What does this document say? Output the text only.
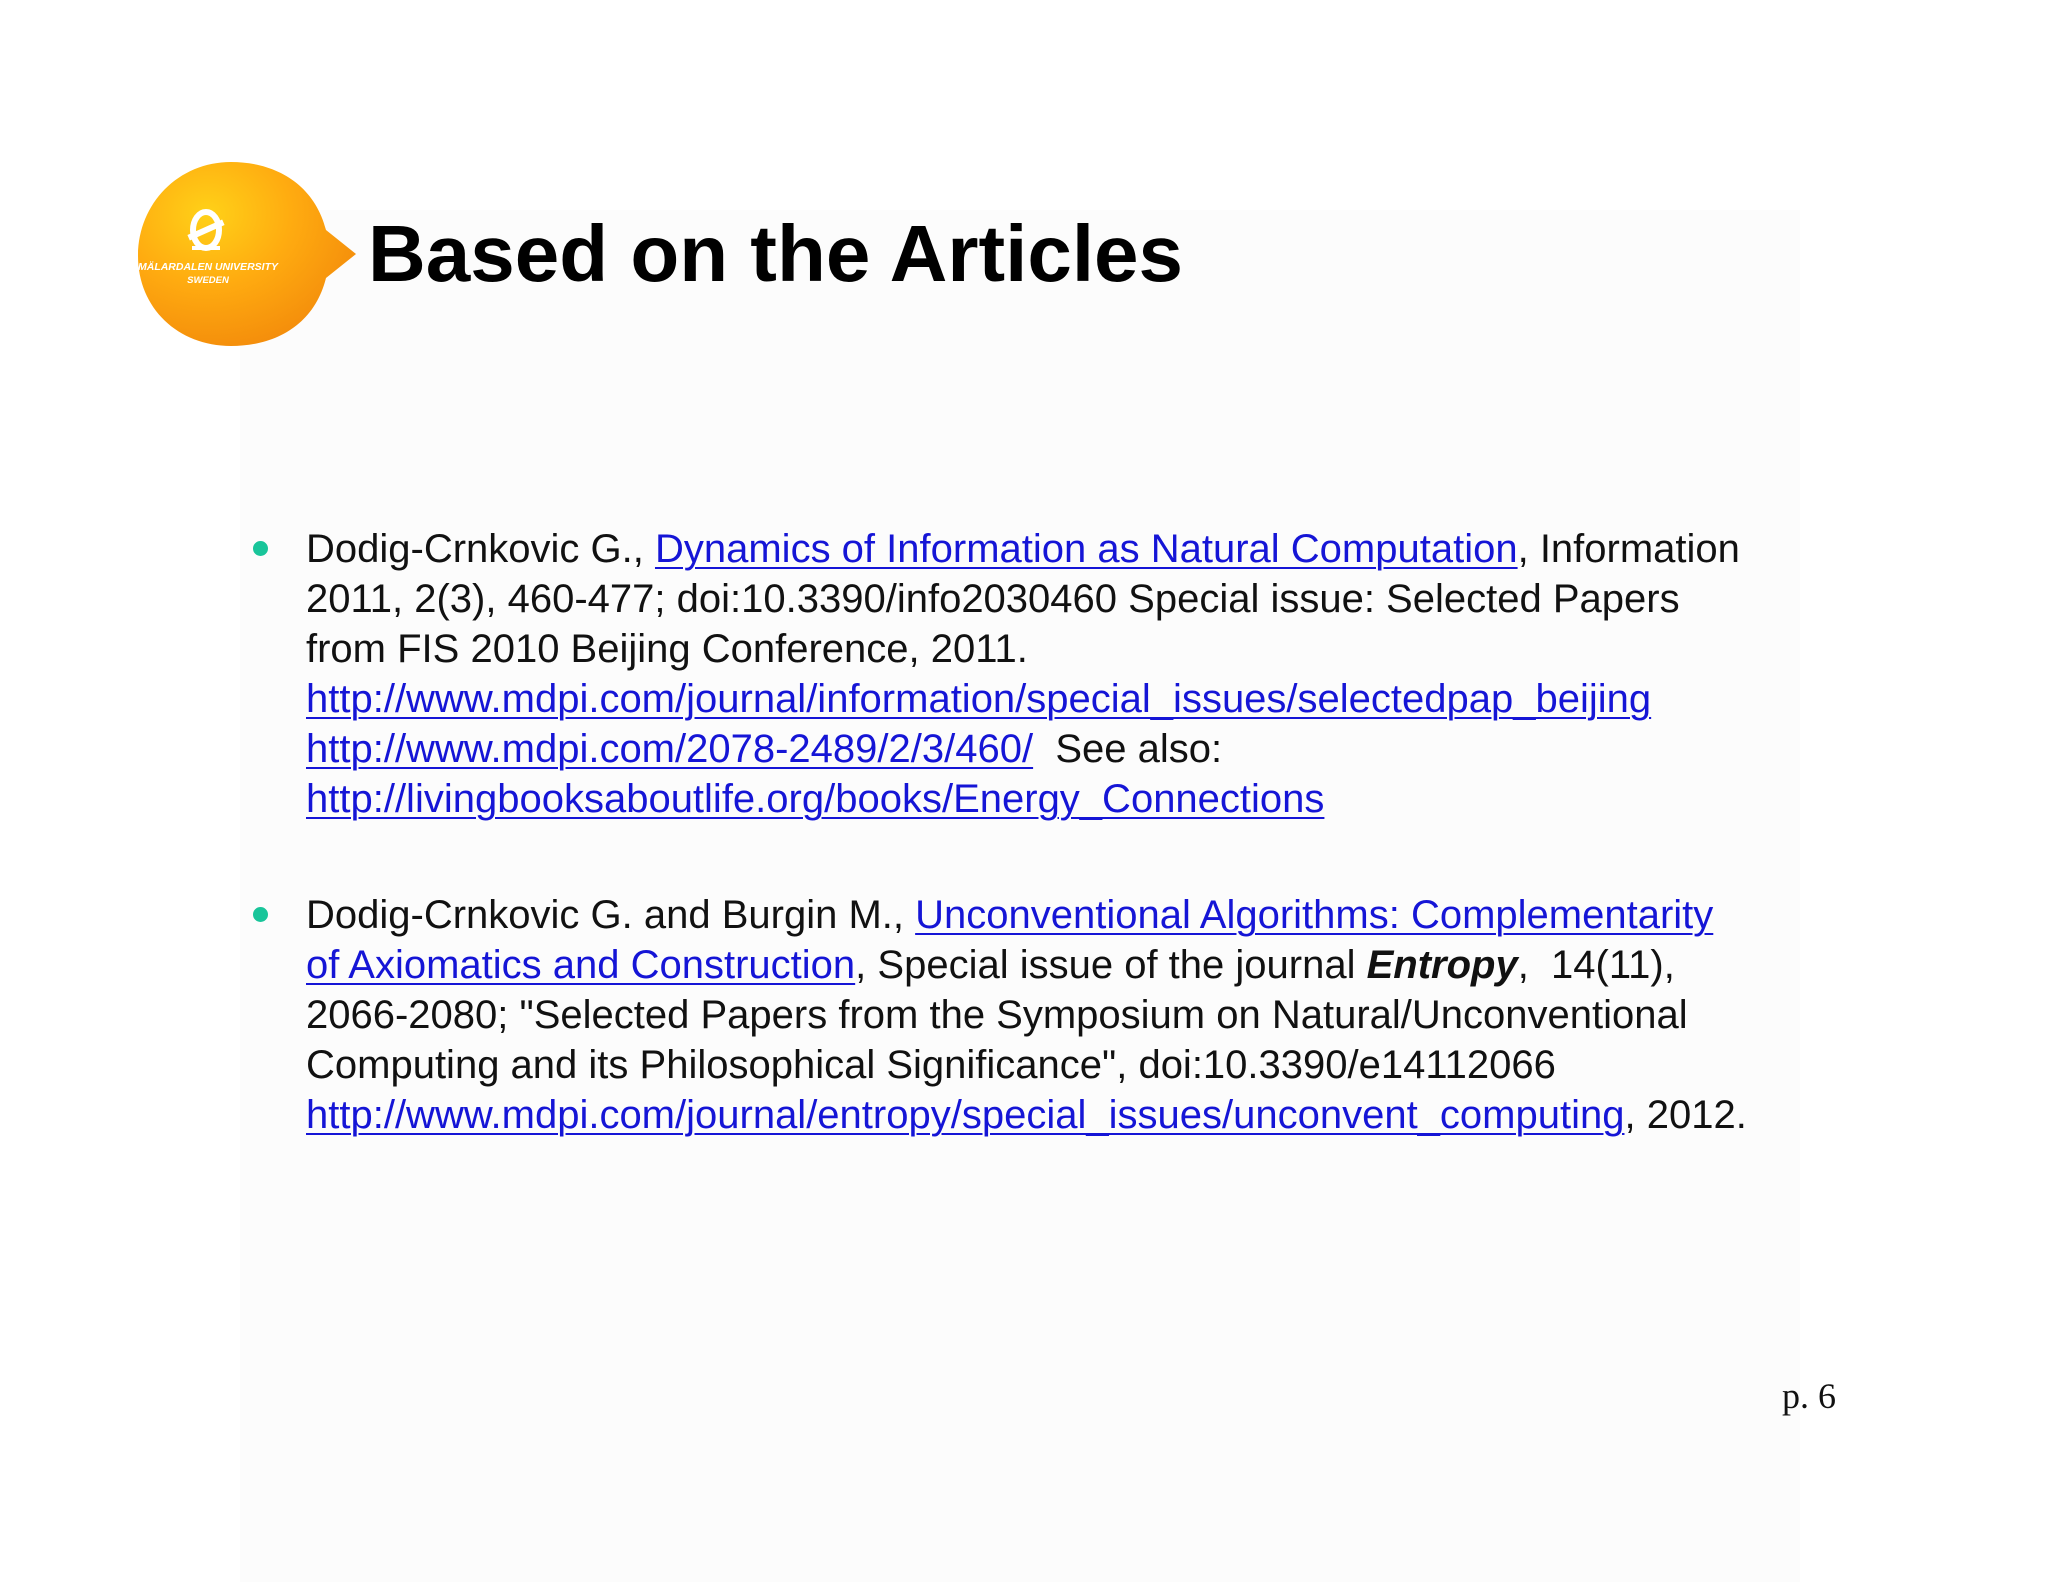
MÄLARDALEN UNIVERSITY
SWEDEN Based on the Articles
Dodig-Crnkovic G., Dynamics of Information as Natural Computation, Information
2011, 2(3), 460-477; doi:10.3390/info2030460 Special issue: Selected Papers
from FIS 2010 Beijing Conference, 2011.
http://www.mdpi.com/journal/information/special_issues/selectedpap_beijing
http://www.mdpi.com/2078-2489/2/3/460/  See also:
http://livingbooksaboutlife.org/books/Energy_Connections
Dodig-Crnkovic G. and Burgin M., Unconventional Algorithms: Complementarity
of Axiomatics and Construction, Special issue of the journal Entropy,  14(11),
2066-2080; "Selected Papers from the Symposium on Natural/Unconventional
Computing and its Philosophical Significance", doi:10.3390/e14112066
http://www.mdpi.com/journal/entropy/special_issues/unconvent_computing, 2012.
p. 6
